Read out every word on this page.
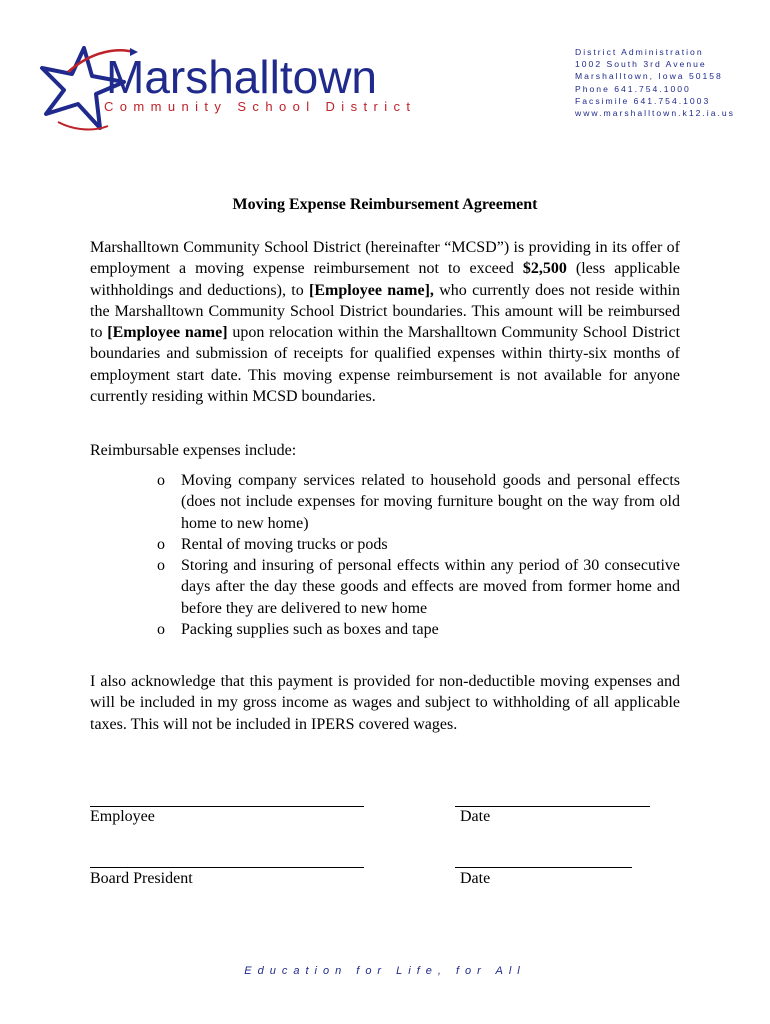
Marshalltown
Community School District
District Administration
1002 South 3rd Avenue
Marshalltown, Iowa 50158
Phone 641.754.1000
Facsimile 641.754.1003
www.marshalltown.k12.ia.us
Moving Expense Reimbursement Agreement
Marshalltown Community School District (hereinafter “MCSD”) is providing in its offer of employment a moving expense reimbursement not to exceed $2,500 (less applicable withholdings and deductions), to [Employee name], who currently does not reside within the Marshalltown Community School District boundaries. This amount will be reimbursed to [Employee name] upon relocation within the Marshalltown Community School District boundaries and submission of receipts for qualified expenses within thirty-six months of employment start date. This moving expense reimbursement is not available for anyone currently residing within MCSD boundaries.
Reimbursable expenses include:
o Moving company services related to household goods and personal effects (does not include expenses for moving furniture bought on the way from old home to new home)
o Rental of moving trucks or pods
o Storing and insuring of personal effects within any period of 30 consecutive days after the day these goods and effects are moved from former home and before they are delivered to new home
o Packing supplies such as boxes and tape
I also acknowledge that this payment is provided for non-deductible moving expenses and will be included in my gross income as wages and subject to withholding of all applicable taxes. This will not be included in IPERS covered wages.
Employee	Date
Board President	Date
Education for Life, for All
